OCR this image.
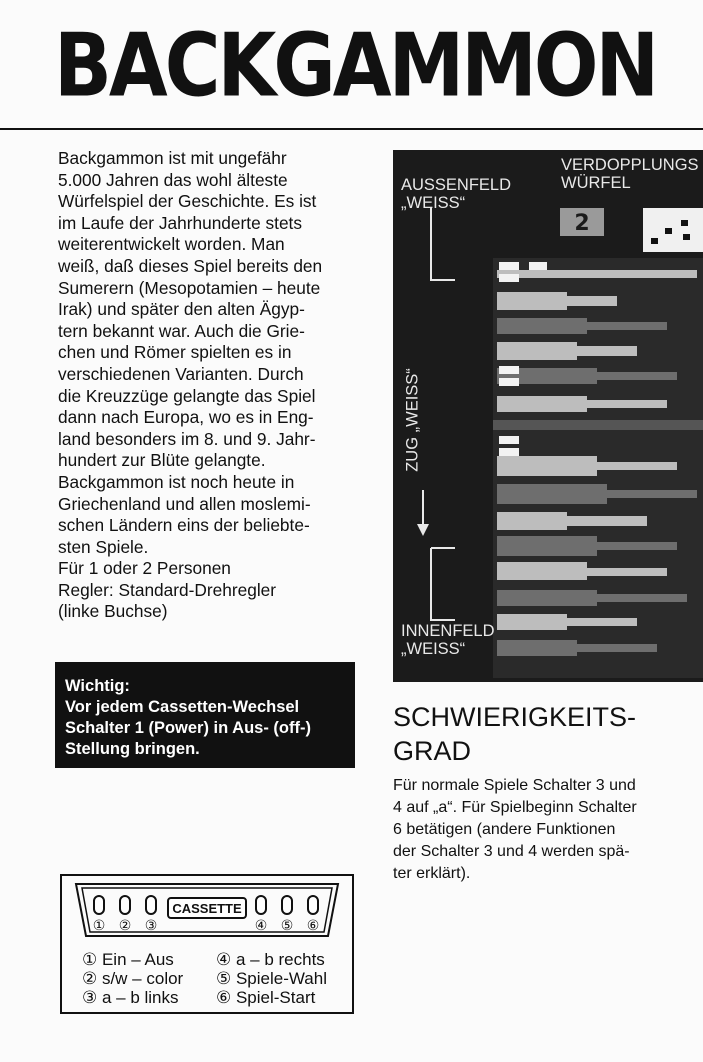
BACKGAMMON

Backgammon ist mit ungefähr

5.000 Jahren das wohl älteste

Würfelspiel der Geschichte. Es ist

im Laufe der Jahrhunderte stets

weiterentwickelt worden. Man

weiß, daß dieses Spiel bereits den

Sumerern (Mesopotamien – heute

Irak) und später den alten Ägyp-

tern bekannt war. Auch die Grie-

chen und Römer spielten es in

verschiedenen Varianten. Durch

die Kreuzzüge gelangte das Spiel

dann nach Europa, wo es in Eng-

land besonders im 8. und 9. Jahr-

hundert zur Blüte gelangte.

Backgammon ist noch heute in

Griechenland und allen moslemi-

schen Ländern eins der beliebte-

sten Spiele.

Für 1 oder 2 Personen

Regler: Standard-Drehregler

(linke Buchse)

Wichtig:
Vor jedem Cassetten-Wechsel
Schalter 1 (Power) in Aus- (off-)
Stellung bringen.
2
AUSSENFELD
„WEISS“
VERDOPPLUNGS
WÜRFEL
INNENFELD
„WEISS“
ZUG „WEISS“
SCHWIERIGKEITS-
GRAD
Für normale Spiele Schalter 3 und
4 auf „a“. Für Spielbeginn Schalter
6 betätigen (andere Funktionen
der Schalter 3 und 4 werden spä-
ter erklärt).
CASSETTE
① ② ③	④ ⑤ ⑥
① Ein – Aus
② s/w – color
③ a – b links
④ a – b rechts
⑤ Spiele-Wahl
⑥ Spiel-Start
